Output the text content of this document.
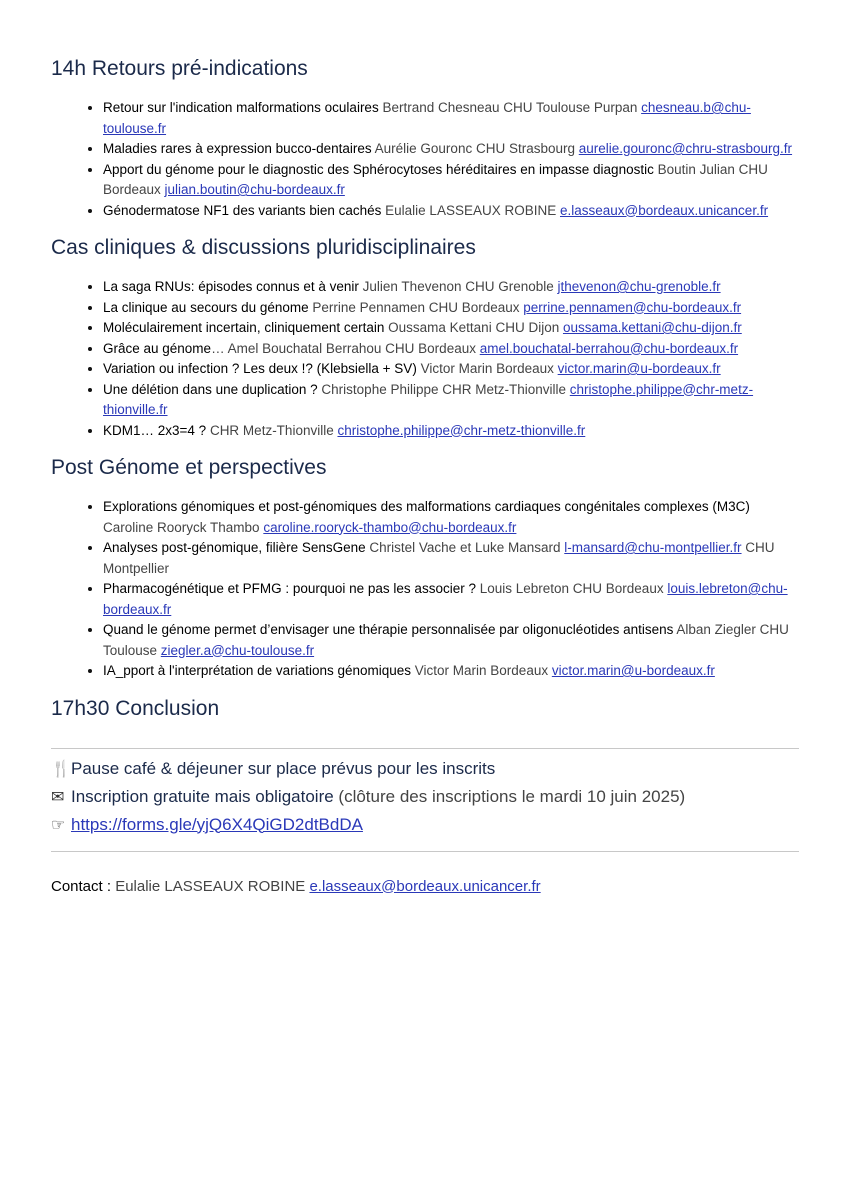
14h Retours pré-indications
• Retour sur l'indication malformations oculaires Bertrand Chesneau CHU Toulouse Purpan chesneau.b@chu-toulouse.fr
• Maladies rares à expression bucco-dentaires Aurélie Gouronc CHU Strasbourg aurelie.gouronc@chru-strasbourg.fr
• Apport du génome pour le diagnostic des Sphérocytoses héréditaires en impasse diagnostic Boutin Julian CHU Bordeaux julian.boutin@chu-bordeaux.fr
• Génodermatose NF1 des variants bien cachés Eulalie LASSEAUX ROBINE e.lasseaux@bordeaux.unicancer.fr
Cas cliniques & discussions pluridisciplinaires
• La saga RNUs: épisodes connus et à venir Julien Thevenon CHU Grenoble jthevenon@chu-grenoble.fr
• La clinique au secours du génome Perrine Pennamen CHU Bordeaux perrine.pennamen@chu-bordeaux.fr
• Moléculairement incertain, cliniquement certain Oussama Kettani CHU Dijon oussama.kettani@chu-dijon.fr
• Grâce au génome… Amel Bouchatal Berrahou CHU Bordeaux amel.bouchatal-berrahou@chu-bordeaux.fr
• Variation ou infection ? Les deux !? (Klebsiella + SV) Victor Marin Bordeaux victor.marin@u-bordeaux.fr
• Une délétion dans une duplication ? Christophe Philippe CHR Metz-Thionville christophe.philippe@chr-metz-thionville.fr
• KDM1… 2x3=4 ? CHR Metz-Thionville christophe.philippe@chr-metz-thionville.fr
Post Génome et perspectives
• Explorations génomiques et post-génomiques des malformations cardiaques congénitales complexes (M3C) Caroline Rooryck Thambo caroline.rooryck-thambo@chu-bordeaux.fr
• Analyses post-génomique, filière SensGene Christel Vache et Luke Mansard l-mansard@chu-montpellier.fr CHU Montpellier
• Pharmacogénétique et PFMG : pourquoi ne pas les associer ? Louis Lebreton CHU Bordeaux louis.lebreton@chu-bordeaux.fr
• Quand le génome permet d’envisager une thérapie personnalisée par oligonucléotides antisens Alban Ziegler CHU Toulouse ziegler.a@chu-toulouse.fr
• IA_pport à l'interprétation de variations génomiques Victor Marin Bordeaux victor.marin@u-bordeaux.fr
17h30 Conclusion
🍴Pause café & déjeuner sur place prévus pour les inscrits
✉ Inscription gratuite mais obligatoire (clôture des inscriptions le mardi 10 juin 2025)
☞ https://forms.gle/yjQ6X4QiGD2dtBdDA
Contact : Eulalie LASSEAUX ROBINE e.lasseaux@bordeaux.unicancer.fr
